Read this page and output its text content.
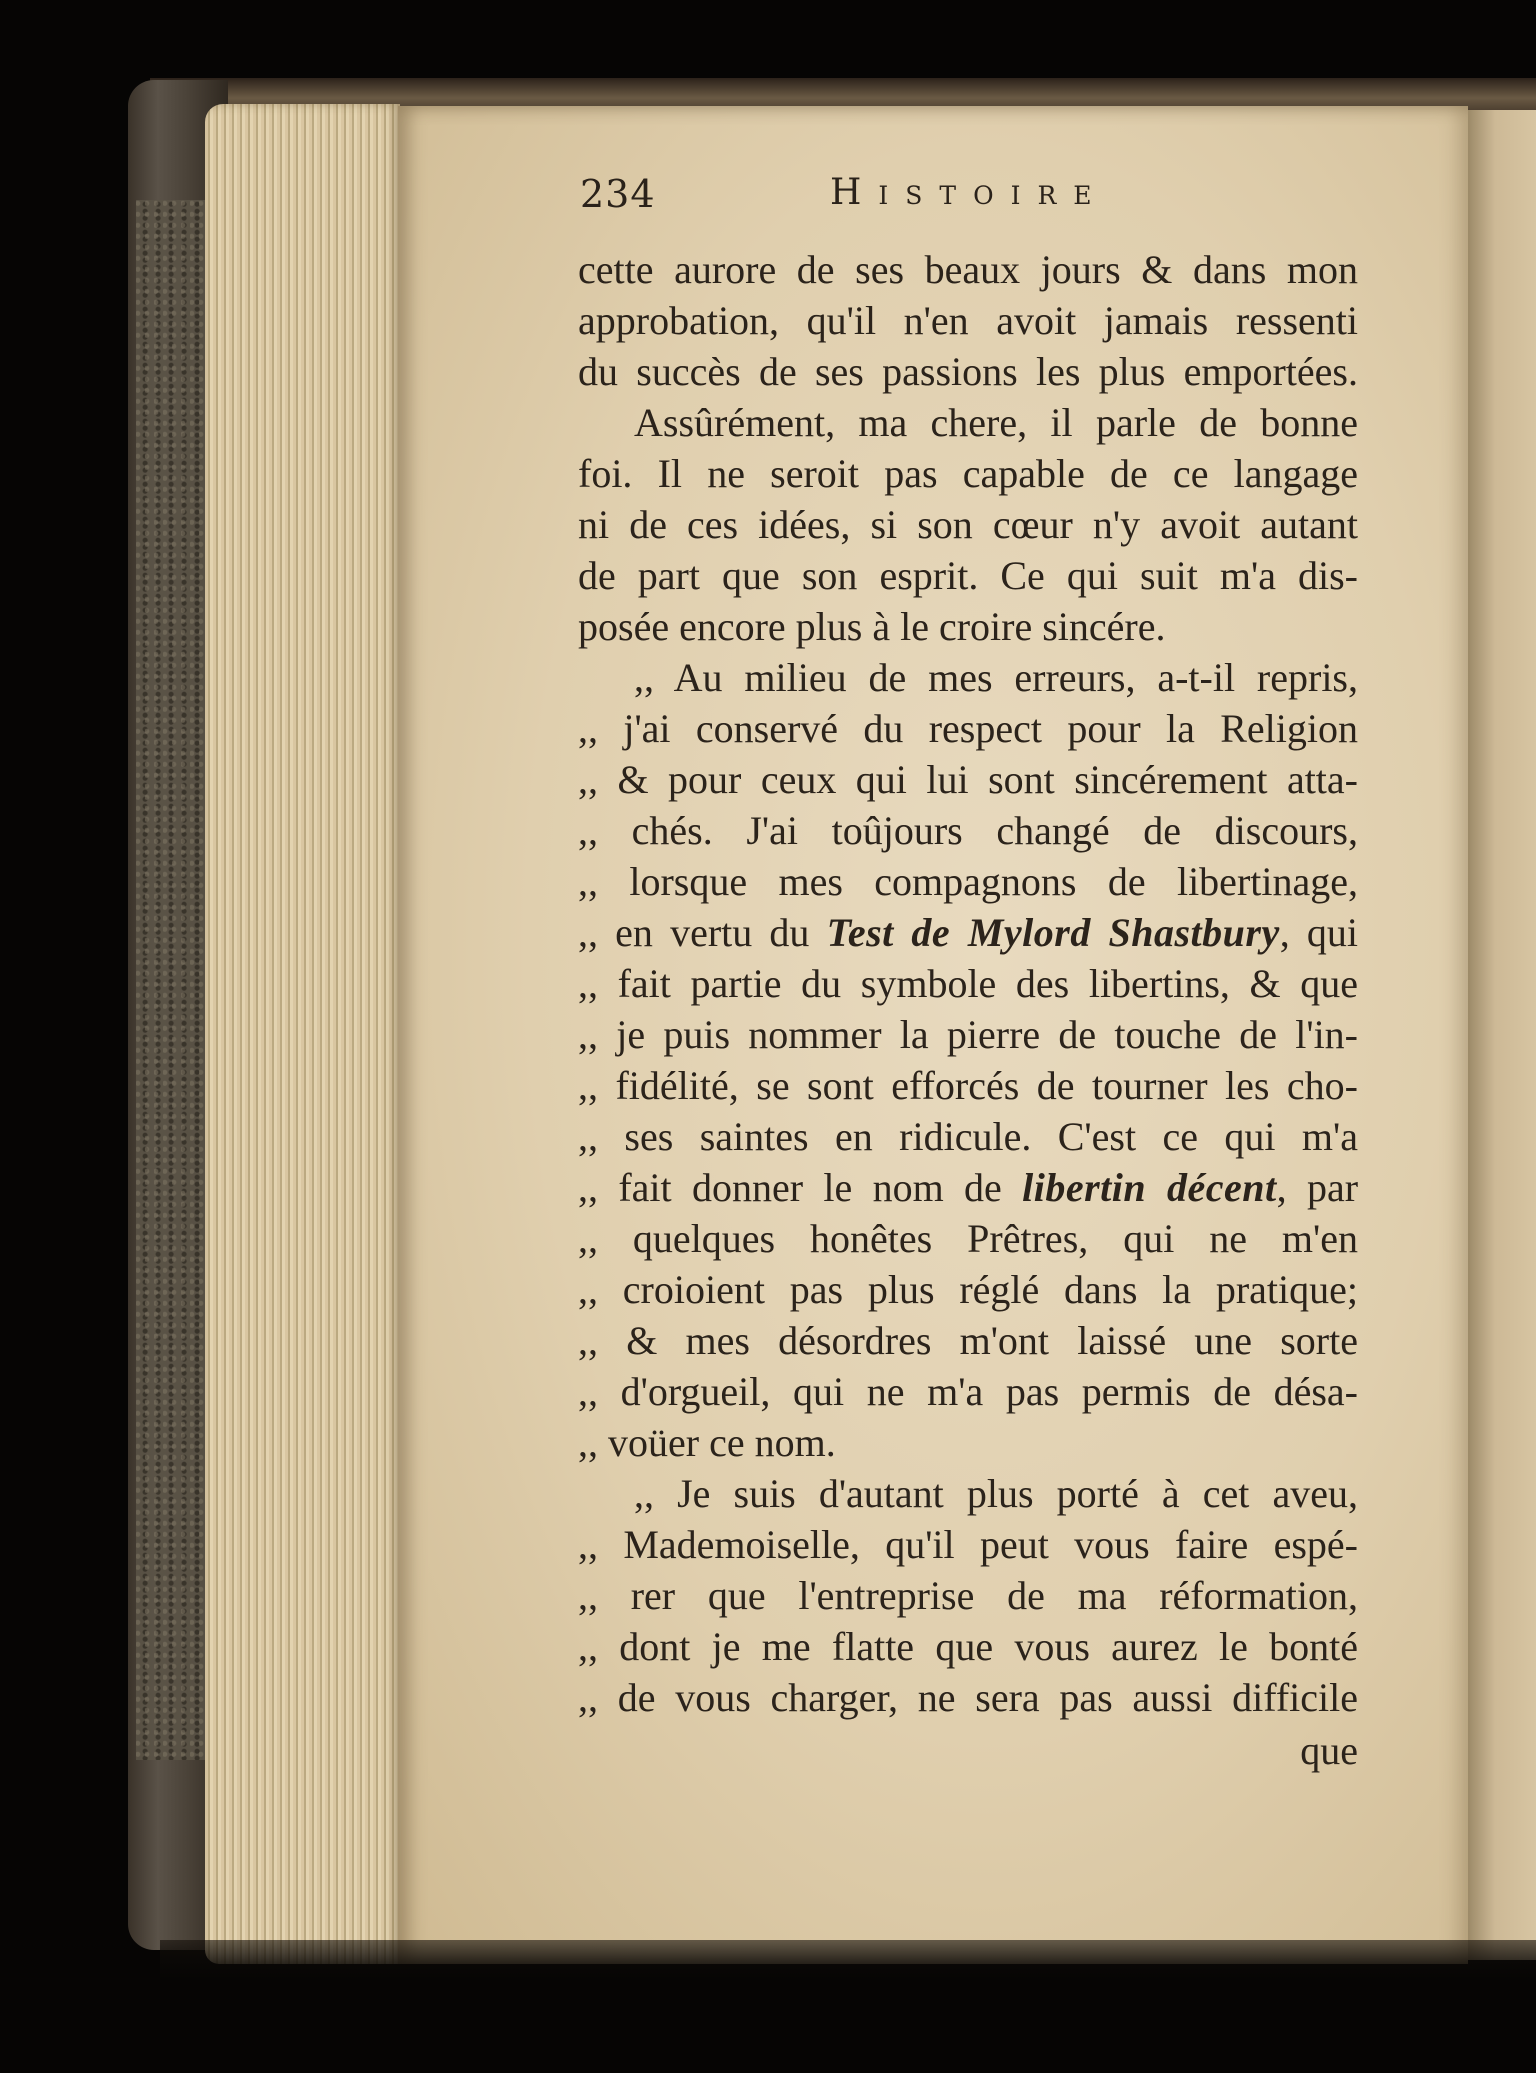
234	Histoire
cette aurore de ses beaux jours & dans mon
approbation, qu'il n'en avoit jamais ressenti
du succès de ses passions les plus emportées.
Assûrément, ma chere, il parle de bonne
foi. Il ne seroit pas capable de ce langage
ni de ces idées, si son cœur n'y avoit autant
de part que son esprit. Ce qui suit m'a dis-
posée encore plus à le croire sincére.
,, Au milieu de mes erreurs, a-t-il repris,
,, j'ai conservé du respect pour la Religion
,, & pour ceux qui lui sont sincérement atta-
,, chés. J'ai toûjours changé de discours,
,, lorsque mes compagnons de libertinage,
,, en vertu du Test de Mylord Shastbury, qui
,, fait partie du symbole des libertins, & que
,, je puis nommer la pierre de touche de l'in-
,, fidélité, se sont efforcés de tourner les cho-
,, ses saintes en ridicule. C'est ce qui m'a
,, fait donner le nom de libertin décent, par
,, quelques honêtes Prêtres, qui ne m'en
,, croioient pas plus réglé dans la pratique;
,, & mes désordres m'ont laissé une sorte
,, d'orgueil, qui ne m'a pas permis de désa-
,, voüer ce nom.
,, Je suis d'autant plus porté à cet aveu,
,, Mademoiselle, qu'il peut vous faire espé-
,, rer que l'entreprise de ma réformation,
,, dont je me flatte que vous aurez le bonté
,, de vous charger, ne sera pas aussi difficile
que
